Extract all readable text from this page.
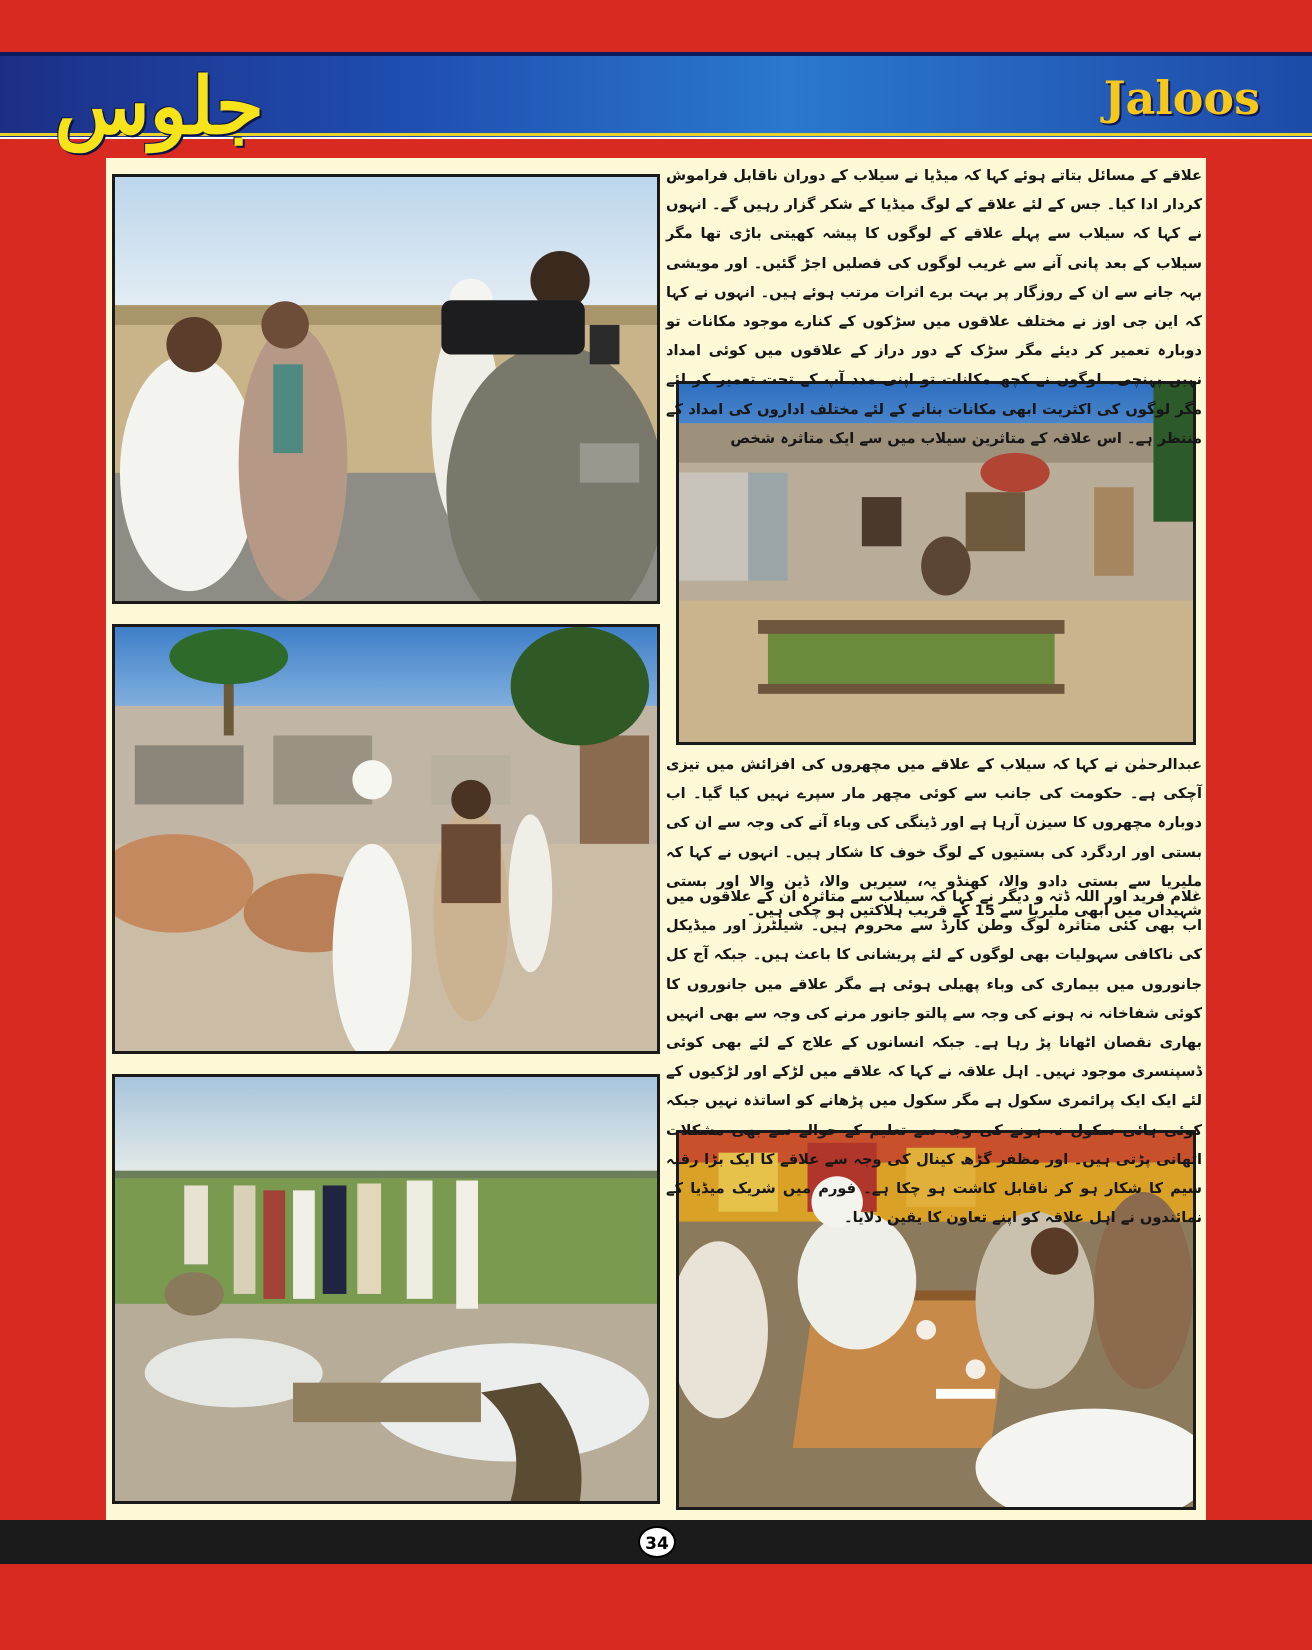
جلوس	Jaloos

علاقے کے مسائل بتاتے ہوئے کہا کہ میڈیا نے سیلاب کے دوران ناقابل فراموش کردار ادا کیا۔ جس کے لئے علاقے کے لوگ میڈیا کے شکر گزار رہیں گے۔ انہوں نے کہا کہ سیلاب سے پہلے علاقے کے لوگوں کا پیشہ کھیتی باڑی تھا مگر سیلاب کے بعد پانی آنے سے غریب لوگوں کی فصلیں اجڑ گئیں۔ اور مویشی بہہ جانے سے ان کے روزگار پر بہت برے اثرات مرتب ہوئے ہیں۔ انہوں نے کہا کہ این جی اوز نے مختلف علاقوں میں سڑکوں کے کنارے موجود مکانات تو دوبارہ تعمیر کر دیئے مگر سڑک کے دور دراز کے علاقوں میں کوئی امداد نہیں پہنچی۔ لوگوں نے کچھ مکانات تو اپنی مدد آپ کے تحت تعمیر کر لئے مگر لوگوں کی اکثریت ابھی مکانات بنانے کے لئے مختلف اداروں کی امداد کے منتظر ہے۔ اس علاقہ کے متاثرین سیلاب میں سے ایک متاثرہ شخص

عبدالرحمٰن نے کہا کہ سیلاب کے علاقے میں مچھروں کی افزائش میں تیزی آچکی ہے۔ حکومت کی جانب سے کوئی مچھر مار سپرے نہیں کیا گیا۔ اب دوبارہ مچھروں کا سیزن آرہا ہے اور ڈینگی کی وباء آنے کی وجہ سے ان کی بستی اور اردگرد کی بستیوں کے لوگ خوف کا شکار ہیں۔ انہوں نے کہا کہ ملیریا سے بستی دادو والا، کھنڈو یہ، سیریں والا، ڈین والا اور بستی شہیداں میں ابھی ملیریا سے 15 کے قریب ہلاکتیں ہو چکی ہیں۔

غلام فرید اور اللہ ڈتہ و دیگر نے کہا کہ سیلاب سے متاثرہ ان کے علاقوں میں اب بھی کئی متاثرہ لوگ وطن کارڈ سے محروم ہیں۔ شیلٹرز اور میڈیکل کی ناکافی سہولیات بھی لوگوں کے لئے پریشانی کا باعث ہیں۔ جبکہ آج کل جانوروں میں بیماری کی وباء پھیلی ہوئی ہے مگر علاقے میں جانوروں کا کوئی شفاخانہ نہ ہونے کی وجہ سے پالتو جانور مرنے کی وجہ سے بھی انہیں بھاری نقصان اٹھانا پڑ رہا ہے۔ جبکہ انسانوں کے علاج کے لئے بھی کوئی ڈسپنسری موجود نہیں۔ اہل علاقہ نے کہا کہ علاقے میں لڑکے اور لڑکیوں کے لئے ایک ایک پرائمری سکول ہے مگر سکول میں پڑھانے کو اساتذہ نہیں جبکہ کوئی ہائی سکول نہ ہونے کی وجہ سے تعلیم کے حوالے سے بھی مشکلات اٹھانی پڑتی ہیں۔ اور مظفر گڑھ کینال کی وجہ سے علاقے کا ایک بڑا رقبہ سیم کا شکار ہو کر ناقابل کاشت ہو چکا ہے۔ فورم میں شریک میڈیا کے نمائندوں نے اہل علاقہ کو اپنے تعاون کا یقین دلایا۔

34
